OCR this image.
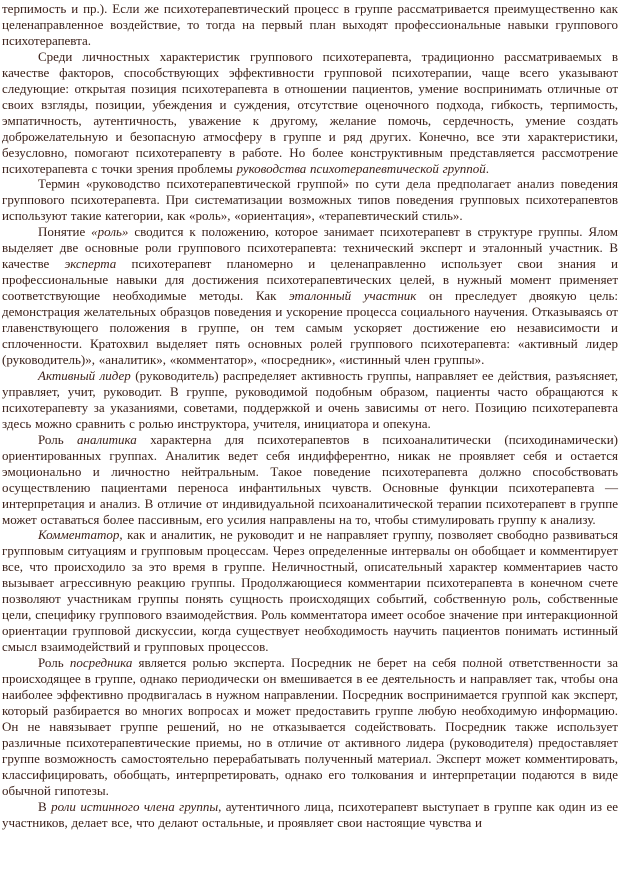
терпимость и пр.). Если же психотерапевтический процесс в группе рассматривается преимущественно как целенаправленное воздействие, то тогда на первый план выходят профессиональные навыки группового психотерапевта.

Среди личностных характеристик группового психотерапевта, традиционно рассматриваемых в качестве факторов, способствующих эффективности групповой психотерапии, чаще всего указывают следующие: открытая позиция психотерапевта в отношении пациентов, умение воспринимать отличные от своих взгляды, позиции, убеждения и суждения, отсутствие оценочного подхода, гибкость, терпимость, эмпатичность, аутентичность, уважение к другому, желание помочь, сердечность, умение создать доброжелательную и безопасную атмосферу в группе и ряд других. Конечно, все эти характеристики, безусловно, помогают психотерапевту в работе. Но более конструктивным представляется рассмотрение психотерапевта с точки зрения проблемы руководства психотерапевтической группой.

Термин «руководство психотерапевтической группой» по сути дела предполагает анализ поведения группового психотерапевта. При систематизации возможных типов поведения групповых психотерапевтов используют такие категории, как «роль», «ориентация», «терапевтический стиль».

Понятие «роль» сводится к положению, которое занимает психотерапевт в структуре группы. Ялом выделяет две основные роли группового психотерапевта: технический эксперт и эталонный участник. В качестве эксперта психотерапевт планомерно и целенаправленно использует свои знания и профессиональные навыки для достижения психотерапевтических целей, в нужный момент применяет соответствующие необходимые методы. Как эталонный участник он преследует двоякую цель: демонстрация желательных образцов поведения и ускорение процесса социального научения. Отказываясь от главенствующего положения в группе, он тем самым ускоряет достижение ею независимости и сплоченности. Кратохвил выделяет пять основных ролей группового психотерапевта: «активный лидер (руководитель)», «аналитик», «комментатор», «посредник», «истинный член группы».

Активный лидер (руководитель) распределяет активность группы, направляет ее действия, разъясняет, управляет, учит, руководит. В группе, руководимой подобным образом, пациенты часто обращаются к психотерапевту за указаниями, советами, поддержкой и очень зависимы от него. Позицию психотерапевта здесь можно сравнить с ролью инструктора, учителя, инициатора и опекуна.

Роль аналитика характерна для психотерапевтов в психоаналитически (психодинамически) ориентированных группах. Аналитик ведет себя индифферентно, никак не проявляет себя и остается эмоционально и личностно нейтральным. Такое поведение психотерапевта должно способствовать осуществлению пациентами переноса инфантильных чувств. Основные функции психотерапевта — интерпретация и анализ. В отличие от индивидуальной психоаналитической терапии психотерапевт в группе может оставаться более пассивным, его усилия направлены на то, чтобы стимулировать группу к анализу.

Комментатор, как и аналитик, не руководит и не направляет группу, позволяет свободно развиваться групповым ситуациям и групповым процессам. Через определенные интервалы он обобщает и комментирует все, что происходило за это время в группе. Неличностный, описательный характер комментариев часто вызывает агрессивную реакцию группы. Продолжающиеся комментарии психотерапевта в конечном счете позволяют участникам группы понять сущность происходящих событий, собственную роль, собственные цели, специфику группового взаимодействия. Роль комментатора имеет особое значение при интеракционной ориентации групповой дискуссии, когда существует необходимость научить пациентов понимать истинный смысл взаимодействий и групповых процессов.

Роль посредника является ролью эксперта. Посредник не берет на себя полной ответственности за происходящее в группе, однако периодически он вмешивается в ее деятельность и направляет так, чтобы она наиболее эффективно продвигалась в нужном направлении. Посредник воспринимается группой как эксперт, который разбирается во многих вопросах и может предоставить группе любую необходимую информацию. Он не навязывает группе решений, но не отказывается содействовать. Посредник также использует различные психотерапевтические приемы, но в отличие от активного лидера (руководителя) предоставляет группе возможность самостоятельно перерабатывать полученный материал. Эксперт может комментировать, классифицировать, обобщать, интерпретировать, однако его толкования и интерпретации подаются в виде обычной гипотезы.

В роли истинного члена группы, аутентичного лица, психотерапевт выступает в группе как один из ее участников, делает все, что делают остальные, и проявляет свои настоящие чувства и
